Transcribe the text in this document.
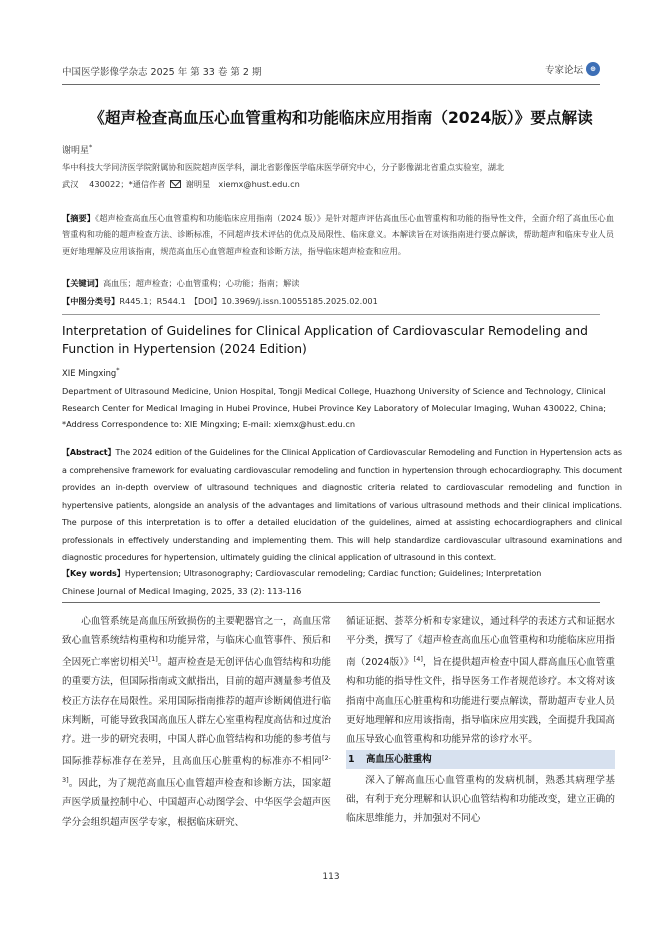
中国医学影像学杂志 2025 年 第 33 卷 第 2 期	专家论坛	⊕
《超声检查高血压心血管重构和功能临床应用指南（2024版）》要点解读
谢明星*
华中科技大学同济医学院附属协和医院超声医学科，湖北省影像医学临床医学研究中心，分子影像湖北省重点实验室，湖北
武汉　 430022；*通信作者 谢明星　xiemx@hust.edu.cn
【摘要】《超声检查高血压心血管重构和功能临床应用指南（2024 版）》是针对超声评估高血压心血管重构和功能的指导性文件，全面介绍了高血压心血管重构和功能的超声检查方法、诊断标准，不同超声技术评估的优点及局限性、临床意义。本解读旨在对该指南进行要点解读，帮助超声和临床专业人员更好地理解及应用该指南，规范高血压心血管超声检查和诊断方法，指导临床超声检查和应用。
【关键词】高血压；超声检查；心血管重构；心功能；指南；解读
【中图分类号】R445.1；R544.1　【DOI】10.3969/j.issn.10055185.2025.02.001
Interpretation of Guidelines for Clinical Application of Cardiovascular Remodeling and Function in Hypertension (2024 Edition)
XIE Mingxing*
Department of Ultrasound Medicine, Union Hospital, Tongji Medical College, Huazhong University of Science and Technology, Clinical Research Center for Medical Imaging in Hubei Province, Hubei Province Key Laboratory of Molecular Imaging, Wuhan 430022, China; *Address Correspondence to: XIE Mingxing; E-mail: xiemx@hust.edu.cn
【Abstract】The 2024 edition of the Guidelines for the Clinical Application of Cardiovascular Remodeling and Function in Hypertension acts as a comprehensive framework for evaluating cardiovascular remodeling and function in hypertension through echocardiography. This document provides an in-depth overview of ultrasound techniques and diagnostic criteria related to cardiovascular remodeling and function in hypertensive patients, alongside an analysis of the advantages and limitations of various ultrasound methods and their clinical implications. The purpose of this interpretation is to offer a detailed elucidation of the guidelines, aimed at assisting echocardiographers and clinical professionals in effectively understanding and implementing them. This will help standardize cardiovascular ultrasound examinations and diagnostic procedures for hypertension, ultimately guiding the clinical application of ultrasound in this context.
【Key words】Hypertension; Ultrasonography; Cardiovascular remodeling; Cardiac function; Guidelines; Interpretation
Chinese Journal of Medical Imaging, 2025, 33 (2): 113-116

心血管系统是高血压所致损伤的主要靶器官之一，高血压常致心血管系统结构重构和功能异常，与临床心血管事件、预后和全因死亡率密切相关[1]。超声检查是无创评估心血管结构和功能的重要方法，但国际指南或文献指出，目前的超声测量参考值及校正方法存在局限性。采用国际指南推荐的超声诊断阈值进行临床判断，可能导致我国高血压人群左心室重构程度高估和过度治疗。进一步的研究表明，中国人群心血管结构和功能的参考值与国际推荐标准存在差异，且高血压心脏重构的标准亦不相同[2-3]。因此，为了规范高血压心血管超声检查和诊断方法，国家超声医学质量控制中心、中国超声心动图学会、中华医学会超声医学分会组织超声医学专家，根据临床研究、

循证证据、荟萃分析和专家建议，通过科学的表述方式和证据水平分类，撰写了《超声检查高血压心血管重构和功能临床应用指南（2024版）》[4]，旨在提供超声检查中国人群高血压心血管重构和功能的指导性文件，指导医务工作者规范诊疗。本文将对该指南中高血压心脏重构和功能进行要点解读，帮助超声专业人员更好地理解和应用该指南，指导临床应用实践，全面提升我国高血压导致心血管重构和功能异常的诊疗水平。

1 高血压心脏重构

深入了解高血压心血管重构的发病机制，熟悉其病理学基础，有利于充分理解和认识心血管结构和功能改变，建立正确的临床思维能力，并加强对不同心

113
